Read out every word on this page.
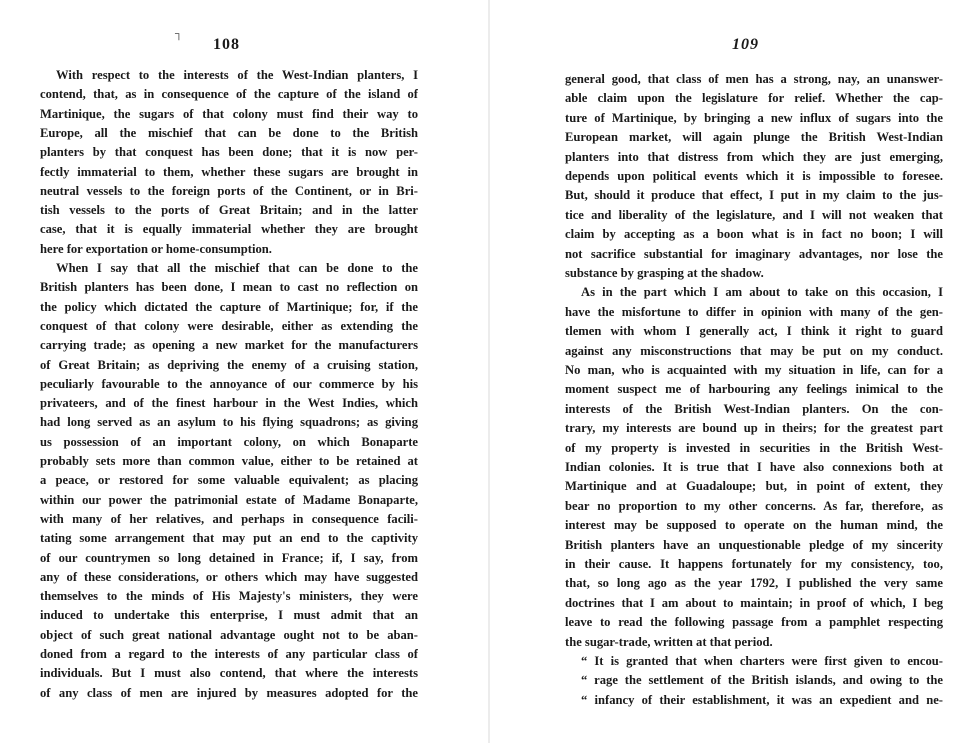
┐
108
With respect to the interests of the West-Indian planters, I
contend, that, as in consequence of the capture of the island of
Martinique, the sugars of that colony must find their way to
Europe, all the mischief that can be done to the British
planters by that conquest has been done; that it is now per-
fectly immaterial to them, whether these sugars are brought in
neutral vessels to the foreign ports of the Continent, or in Bri-
tish vessels to the ports of Great Britain; and in the latter
case, that it is equally immaterial whether they are brought
here for exportation or home-consumption.
When I say that all the mischief that can be done to the
British planters has been done, I mean to cast no reflection on
the policy which dictated the capture of Martinique; for, if the
conquest of that colony were desirable, either as extending the
carrying trade; as opening a new market for the manufacturers
of Great Britain; as depriving the enemy of a cruising station,
peculiarly favourable to the annoyance of our commerce by his
privateers, and of the finest harbour in the West Indies, which
had long served as an asylum to his flying squadrons; as giving
us possession of an important colony, on which Bonaparte
probably sets more than common value, either to be retained at
a peace, or restored for some valuable equivalent; as placing
within our power the patrimonial estate of Madame Bonaparte,
with many of her relatives, and perhaps in consequence facili-
tating some arrangement that may put an end to the captivity
of our countrymen so long detained in France; if, I say, from
any of these considerations, or others which may have suggested
themselves to the minds of His Majesty's ministers, they were
induced to undertake this enterprise, I must admit that an
object of such great national advantage ought not to be aban-
doned from a regard to the interests of any particular class of
individuals. But I must also contend, that where the interests
of any class of men are injured by measures adopted for the
109
general good, that class of men has a strong, nay, an unanswer-
able claim upon the legislature for relief. Whether the cap-
ture of Martinique, by bringing a new influx of sugars into the
European market, will again plunge the British West-Indian
planters into that distress from which they are just emerging,
depends upon political events which it is impossible to foresee.
But, should it produce that effect, I put in my claim to the jus-
tice and liberality of the legislature, and I will not weaken that
claim by accepting as a boon what is in fact no boon; I will
not sacrifice substantial for imaginary advantages, nor lose the
substance by grasping at the shadow.
As in the part which I am about to take on this occasion, I
have the misfortune to differ in opinion with many of the gen-
tlemen with whom I generally act, I think it right to guard
against any misconstructions that may be put on my conduct.
No man, who is acquainted with my situation in life, can for a
moment suspect me of harbouring any feelings inimical to the
interests of the British West-Indian planters. On the con-
trary, my interests are bound up in theirs; for the greatest part
of my property is invested in securities in the British West-
Indian colonies. It is true that I have also connexions both at
Martinique and at Guadaloupe; but, in point of extent, they
bear no proportion to my other concerns. As far, therefore, as
interest may be supposed to operate on the human mind, the
British planters have an unquestionable pledge of my sincerity
in their cause. It happens fortunately for my consistency, too,
that, so long ago as the year 1792, I published the very same
doctrines that I am about to maintain; in proof of which, I beg
leave to read the following passage from a pamphlet respecting
the sugar-trade, written at that period.
“ It is granted that when charters were first given to encou-
“ rage the settlement of the British islands, and owing to the
“ infancy of their establishment, it was an expedient and ne-
